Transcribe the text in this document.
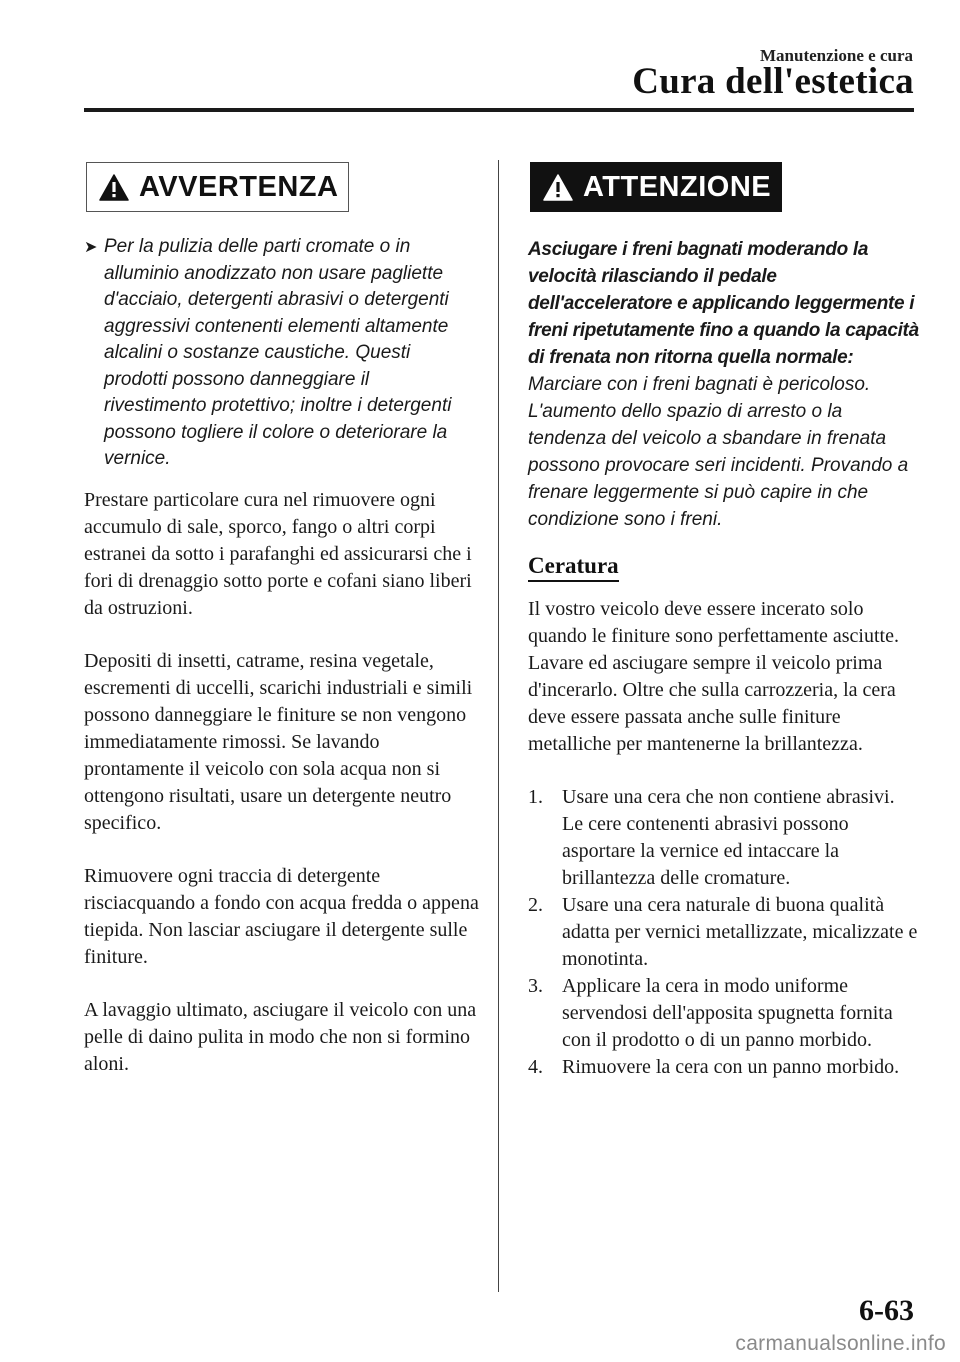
Manutenzione e cura
Cura dell'estetica
AVVERTENZA
➤ Per la pulizia delle parti cromate o in alluminio anodizzato non usare pagliette d'acciaio, detergenti abrasivi o detergenti aggressivi contenenti elementi altamente alcalini o sostanze caustiche. Questi prodotti possono danneggiare il rivestimento protettivo; inoltre i detergenti possono togliere il colore o deteriorare la vernice.

Prestare particolare cura nel rimuovere ogni accumulo di sale, sporco, fango o altri corpi estranei da sotto i parafanghi ed assicurarsi che i fori di drenaggio sotto porte e cofani siano liberi da ostruzioni.

Depositi di insetti, catrame, resina vegetale, escrementi di uccelli, scarichi industriali e simili possono danneggiare le finiture se non vengono immediatamente rimossi. Se lavando prontamente il veicolo con sola acqua non si ottengono risultati, usare un detergente neutro specifico.

Rimuovere ogni traccia di detergente risciacquando a fondo con acqua fredda o appena tiepida. Non lasciar asciugare il detergente sulle finiture.

A lavaggio ultimato, asciugare il veicolo con una pelle di daino pulita in modo che non si formino aloni.

ATTENZIONE
Asciugare i freni bagnati moderando la velocità rilasciando il pedale dell'acceleratore e applicando leggermente i freni ripetutamente fino a quando la capacità di frenata non ritorna quella normale:
Marciare con i freni bagnati è pericoloso. L'aumento dello spazio di arresto o la tendenza del veicolo a sbandare in frenata possono provocare seri incidenti. Provando a frenare leggermente si può capire in che condizione sono i freni.
Ceratura

Il vostro veicolo deve essere incerato solo quando le finiture sono perfettamente asciutte.

Lavare ed asciugare sempre il veicolo prima d'incerarlo. Oltre che sulla carrozzeria, la cera deve essere passata anche sulle finiture metalliche per mantenerne la brillantezza.

1. Usare una cera che non contiene abrasivi.
Le cere contenenti abrasivi possono asportare la vernice ed intaccare la brillantezza delle cromature.
2. Usare una cera naturale di buona qualità adatta per vernici metallizzate, micalizzate e monotinta.
3. Applicare la cera in modo uniforme servendosi dell'apposita spugnetta fornita con il prodotto o di un panno morbido.
4. Rimuovere la cera con un panno morbido.
6-63
carmanualsonline.info
